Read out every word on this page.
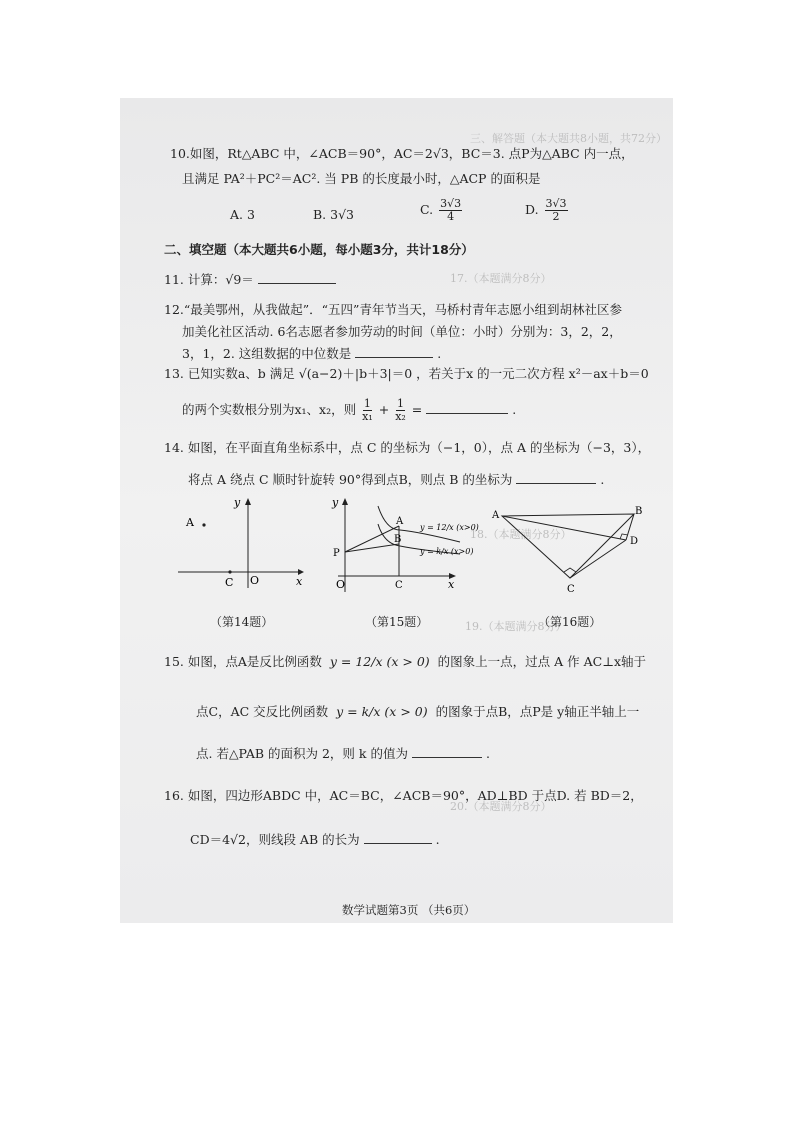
三、解答题（本大题共8小题，共72分）
17.（本题满分8分）
18.（本题满分8分）
19.（本题满分8分）
20.（本题满分8分）
10.如图，Rt△ABC 中，∠ACB＝90°，AC＝2√3，BC＝3. 点P为△ABC 内一点，
且满足 PA²＋PC²＝AC². 当 PB 的长度最小时，△ACP 的面积是
A. 3	B. 3√3	C. $\frac{3√3}{4}$	D. $\frac{3√3}{2}$
二、填空题（本大题共6小题，每小题3分，共计18分）
11. 计算：√9＝
12.“最美鄂州，从我做起”．“五四”青年节当天，马桥村青年志愿小组到胡林社区参
加美化社区活动. 6名志愿者参加劳动的时间（单位：小时）分别为：3，2，2，
3，1，2. 这组数据的中位数是	.
13. 已知实数a、b 满足 √(a−2)＋|b＋3|＝0 ，若关于x 的一元二次方程 x²－ax＋b＝0
的两个实数根分别为x₁、x₂，则 $\frac{1}{\text{x₁}} + \frac{1}{\text{x₂}}$ =	.
14. 如图，在平面直角坐标系中，点 C 的坐标为（−1，0），点 A 的坐标为（−3，3），
将点 A 绕点 C 顺时针旋转 90°得到点B，则点 B 的坐标为	.
y
x
A
C O
（第14题）
y
x
O
A
B
P
C
y = 12/x (x>0)
y = k/x (x>0)
（第15题）
A	B
D
C
（第16题）
15. 如图，点A是反比例函数 y = 12/x (x > 0) 的图象上一点，过点 A 作 AC⊥x轴于
点C，AC 交反比例函数 y = k/x (x > 0) 的图象于点B，点P是 y轴正半轴上一
点. 若△PAB 的面积为 2，则 k 的值为	.
16. 如图，四边形ABDC 中，AC＝BC，∠ACB＝90°，AD⊥BD 于点D. 若 BD＝2，
CD＝4√2，则线段 AB 的长为	.
数学试题第3页 （共6页）
